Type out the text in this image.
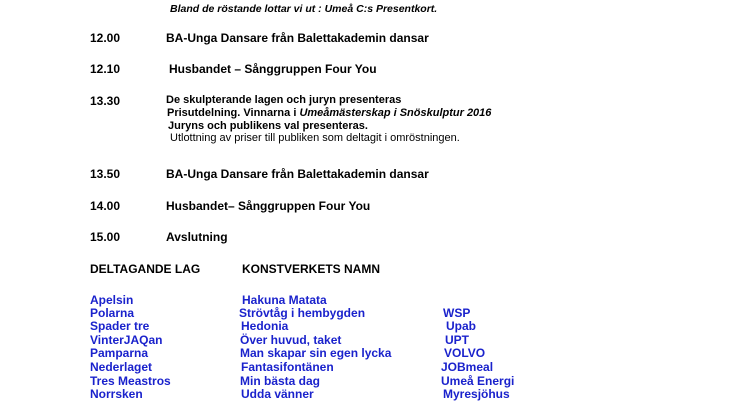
Bland de röstande lottar vi ut : Umeå C:s Presentkort.
12.00	BA-Unga Dansare från Balettakademin dansar
12.10	Husbandet – Sånggruppen Four You
13.30	De skulpterande lagen och juryn presenteras
Prisutdelning. Vinnarna i Umeåmästerskap i Snöskulptur 2016
Juryns och publikens val presenteras.
Utlottning av priser till publiken som deltagit i omröstningen.
13.50	BA-Unga Dansare från Balettakademin dansar
14.00	Husbandet– Sånggruppen Four You
15.00	Avslutning
DELTAGANDE LAG	KONSTVERKETS NAMN
Apelsin	Hakuna Matata
Polarna	Strövtåg i hembygden	WSP
Spader tre	Hedonia	Upab
VinterJAQan	Över huvud, taket	UPT
Pamparna	Man skapar sin egen lycka	VOLVO
Nederlaget	Fantasifontänen	JOBmeal
Tres Meastros	Min bästa dag	Umeå Energi
Norrsken	Udda vänner	Myresjöhus
